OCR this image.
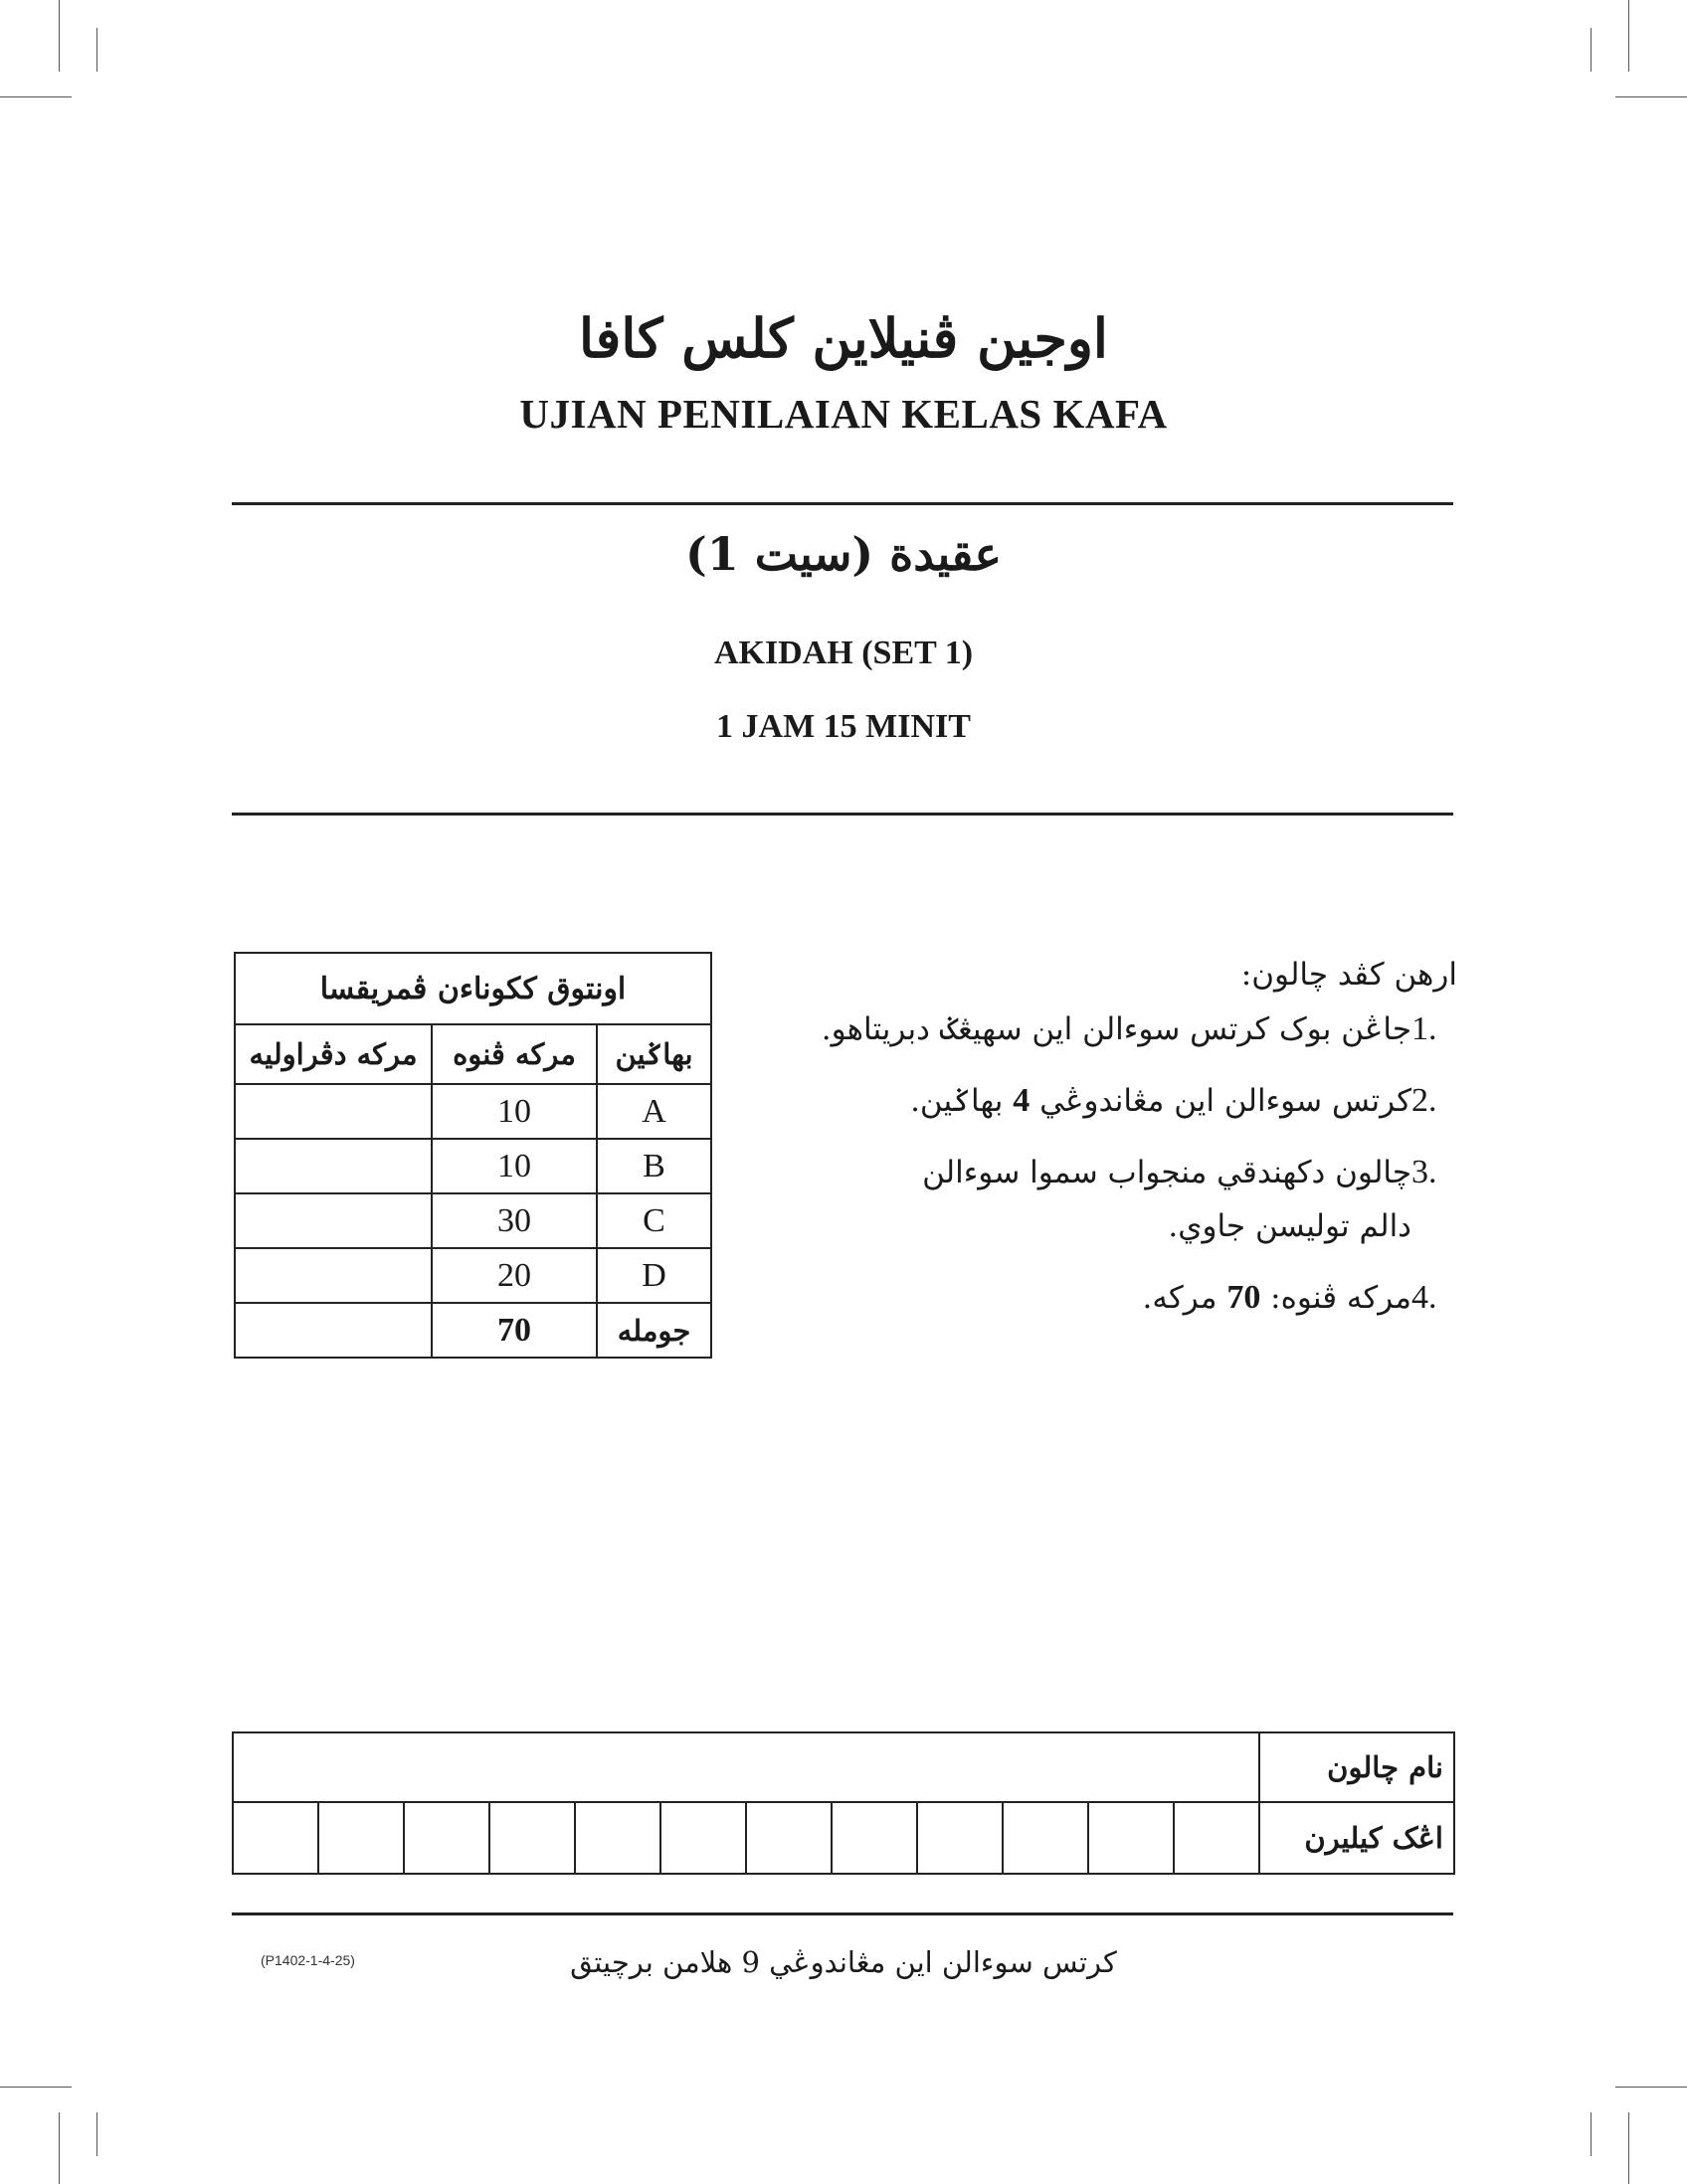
اوجين ڤنيلاين كلس كافا
UJIAN PENILAIAN KELAS KAFA
عقيدة (سيت 1)
AKIDAH (SET 1)
1 JAM 15 MINIT
اونتوق ككوناءن ڤمريقسا		
بهاݢين	مركه ڤنوه	مركه دڤراوليه
A	10	
B	10	
C	30	
D	20	
جومله	70	
ارهن كڤد چالون:
1.
جاڠن بوک کرتس سوءالن اين سهيڠݢ دبريتاهو.
2.
کرتس سوءالن اين مڠاندوڠي 4 بهاݢين.
3.
چالون دكهندقي منجواب سموا سوءالن
دالم توليسن جاوي.
4.
مركه ڤنوه: 70 مركه.
نام چالون												
اڠک كيليرن												
(P1402-1-4-25)	کرتس سوءالن اين مڠاندوڠي 9 هلامن برچيتق
